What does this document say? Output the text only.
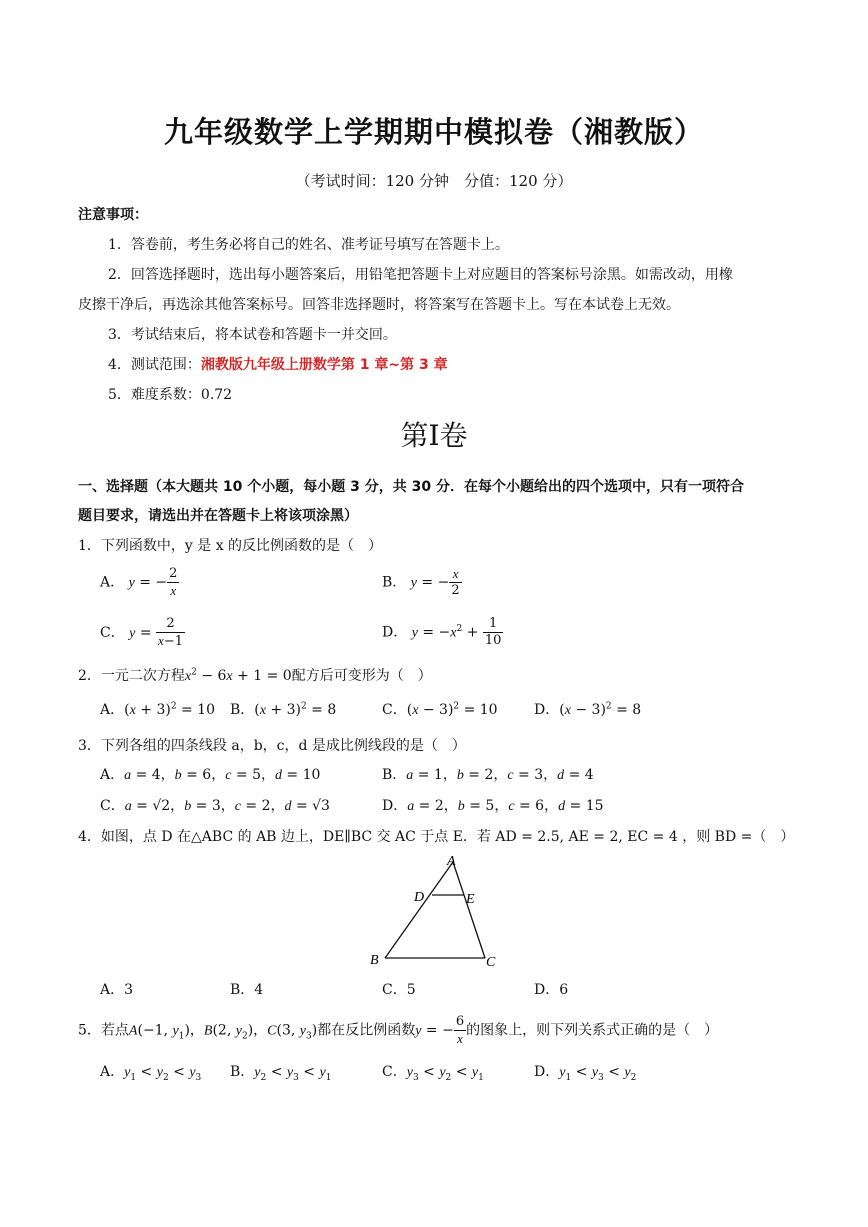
九年级数学上学期期中模拟卷（湘教版）
（考试时间：120 分钟　分值：120 分）
注意事项：
1．答卷前，考生务必将自己的姓名、准考证号填写在答题卡上。
2．回答选择题时，选出每小题答案后，用铅笔把答题卡上对应题目的答案标号涂黑。如需改动，用橡
皮擦干净后，再选涂其他答案标号。回答非选择题时，将答案写在答题卡上。写在本试卷上无效。
3．考试结束后，将本试卷和答题卡一并交回。
4．测试范围：湘教版九年级上册数学第 1 章~第 3 章
5．难度系数：0.72
第I卷
一、选择题（本大题共 10 个小题，每小题 3 分，共 30 分．在每个小题给出的四个选项中，只有一项符合
题目要求，请选出并在答题卡上将该项涂黑）
1．下列函数中，y 是 x 的反比例函数的是（　）
A． y = − $\frac{2}{x}$	B． y = − $\frac{x}{2}$
C． $y = \frac{2}{x-1}$	D． $y = -x^2 + \frac{1}{10}$
2．一元二次方程$x^2 - 6x + 1 = 0$配方后可变形为（　）
A．$(x + 3)^2 = 10$ B．$(x + 3)^2 = 8$	C．$(x - 3)^2 = 10$	D．$(x - 3)^2 = 8$
3．下列各组的四条线段 a，b，c，d 是成比例线段的是（　）
A．a = 4，b = 6，c = 5，d = 10	B．a = 1，b = 2，c = 3，d = 4
C．a = √2，b = 3，c = 2，d = √3	D．a = 2，b = 5，c = 6，d = 15
4．如图，点 D 在△ABC 的 AB 边上，DE∥BC 交 AC 于点 E．若 AD = 2.5, AE = 2, EC = 4 ，则 BD =（　）
A
D	E
B	C
A．3	B．4	C．5	D．6
5．若点A(−1, $y_1$)，B(2, $y_2$)，C(3, $y_3$)都在反比例函数y = − $\frac{6}{x}$ 的图象上，则下列关系式正确的是（　）
A．$y_1 < y_2 < y_3$ B．$y_2 < y_3 < y_1$	C．$y_3 < y_2 < y_1$	D．$y_1 < y_3 < y_2$
